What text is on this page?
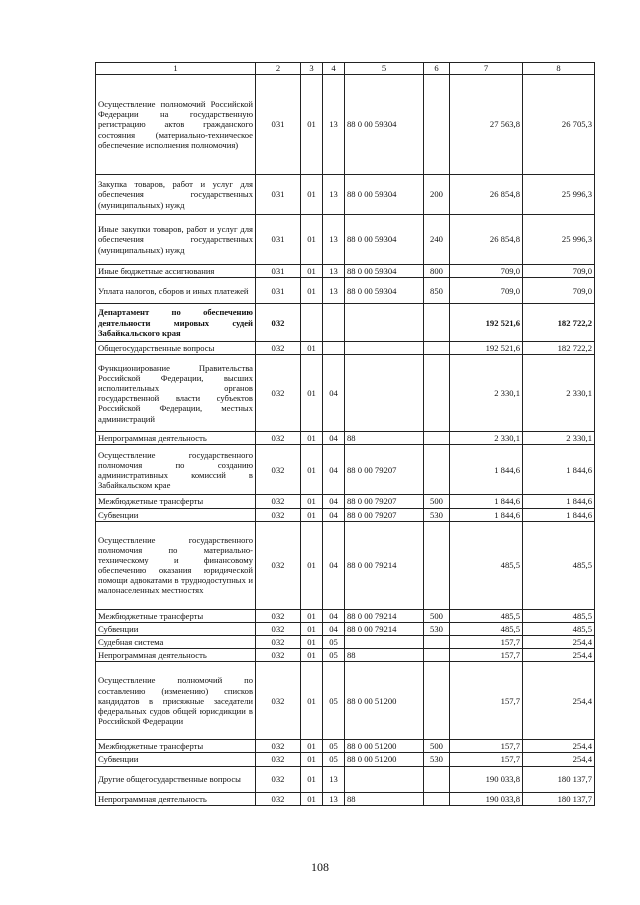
1	2	3	4	5	6	7	8
Осуществление полномочий Российской Федерации на государственную регистрацию актов гражданского состояния (материально-техническое обеспечение исполнения полномочия)	031	01	13	88 0 00 59304		27 563,8	26 705,3
Закупка товаров, работ и услуг для обеспечения государственных (муниципальных) нужд	031	01	13	88 0 00 59304	200	26 854,8	25 996,3
Иные закупки товаров, работ и услуг для обеспечения государственных (муниципальных) нужд	031	01	13	88 0 00 59304	240	26 854,8	25 996,3
Иные бюджетные ассигнования	031	01	13	88 0 00 59304	800	709,0	709,0
Уплата налогов, сборов и иных платежей	031	01	13	88 0 00 59304	850	709,0	709,0
Департамент по обеспечению деятельности мировых судей Забайкальского края	032					192 521,6	182 722,2
Общегосударственные вопросы	032	01				192 521,6	182 722,2
Функционирование Правительства Российской Федерации, высших исполнительных органов государственной власти субъектов Российской Федерации, местных администраций	032	01	04			2 330,1	2 330,1
Непрограммная деятельность	032	01	04	88		2 330,1	2 330,1
Осуществление государственного полномочия по созданию административных комиссий в Забайкальском крае	032	01	04	88 0 00 79207		1 844,6	1 844,6
Межбюджетные трансферты	032	01	04	88 0 00 79207	500	1 844,6	1 844,6
Субвенции	032	01	04	88 0 00 79207	530	1 844,6	1 844,6
Осуществление государственного полномочия по материально-техническому и финансовому обеспечению оказания юридической помощи адвокатами в труднодоступных и малонаселенных местностях	032	01	04	88 0 00 79214		485,5	485,5
Межбюджетные трансферты	032	01	04	88 0 00 79214	500	485,5	485,5
Субвенции	032	01	04	88 0 00 79214	530	485,5	485,5
Судебная система	032	01	05			157,7	254,4
Непрограммная деятельность	032	01	05	88		157,7	254,4
Осуществление полномочий по составлению (изменению) списков кандидатов в присяжные заседатели федеральных судов общей юрисдикции в Российской Федерации	032	01	05	88 0 00 51200		157,7	254,4
Межбюджетные трансферты	032	01	05	88 0 00 51200	500	157,7	254,4
Субвенции	032	01	05	88 0 00 51200	530	157,7	254,4
Другие общегосударственные вопросы	032	01	13			190 033,8	180 137,7
Непрограммная деятельность	032	01	13	88		190 033,8	180 137,7
108
